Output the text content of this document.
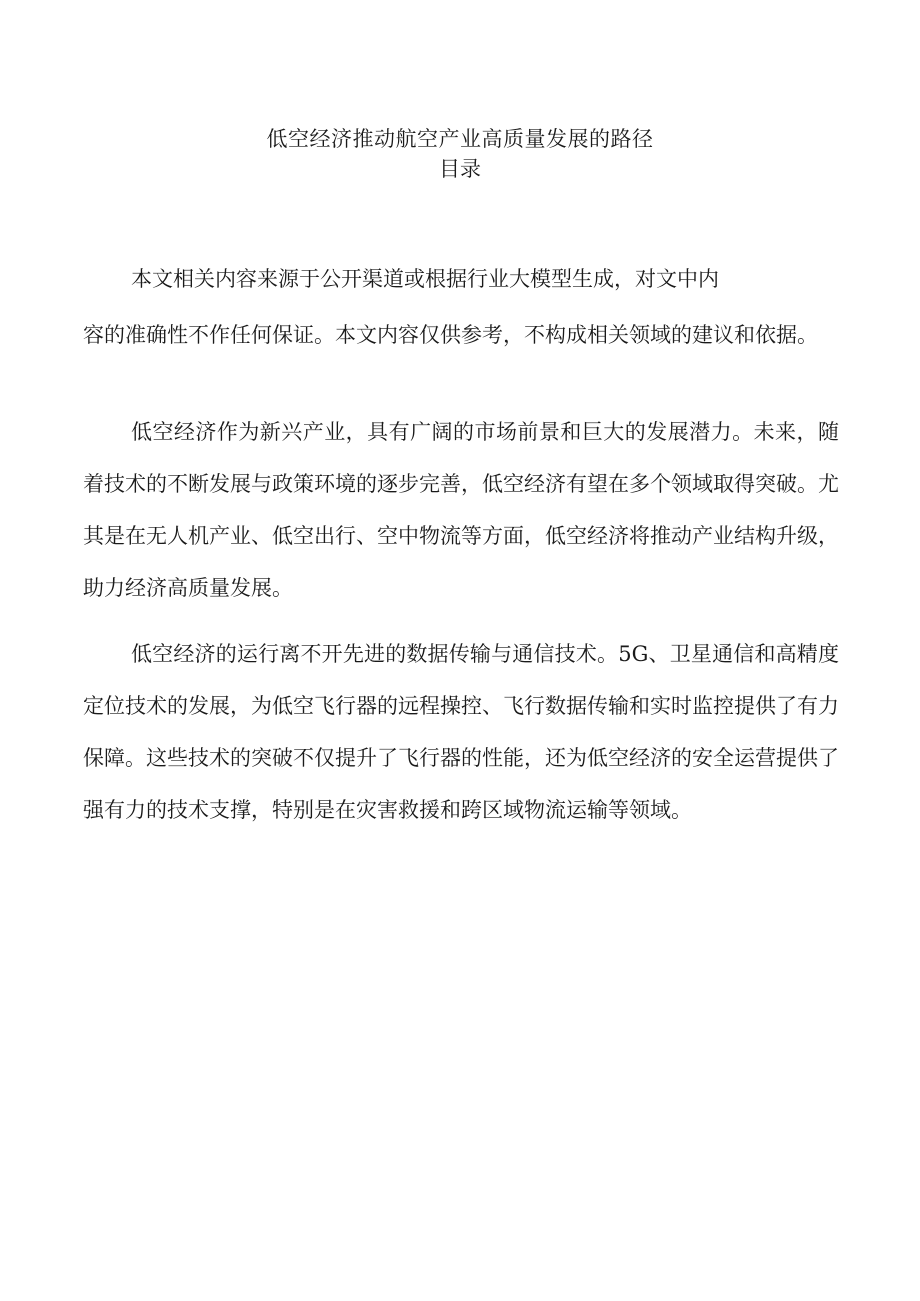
低空经济推动航空产业高质量发展的路径
目录

本文相关内容来源于公开渠道或根据行业大模型生成，对文中内

容的准确性不作任何保证。本文内容仅供参考，不构成相关领域的建议和依据。

低空经济作为新兴产业，具有广阔的市场前景和巨大的发展潜力。未来，随着技术的不断发展与政策环境的逐步完善，低空经济有望在多个领域取得突破。尤其是在无人机产业、低空出行、空中物流等方面，低空经济将推动产业结构升级，助力经济高质量发展。

低空经济的运行离不开先进的数据传输与通信技术。5G、卫星通信和高精度定位技术的发展，为低空飞行器的远程操控、飞行数据传输和实时监控提供了有力保障。这些技术的突破不仅提升了飞行器的性能，还为低空经济的安全运营提供了强有力的技术支撑，特别是在灾害救援和跨区域物流运输等领域。
